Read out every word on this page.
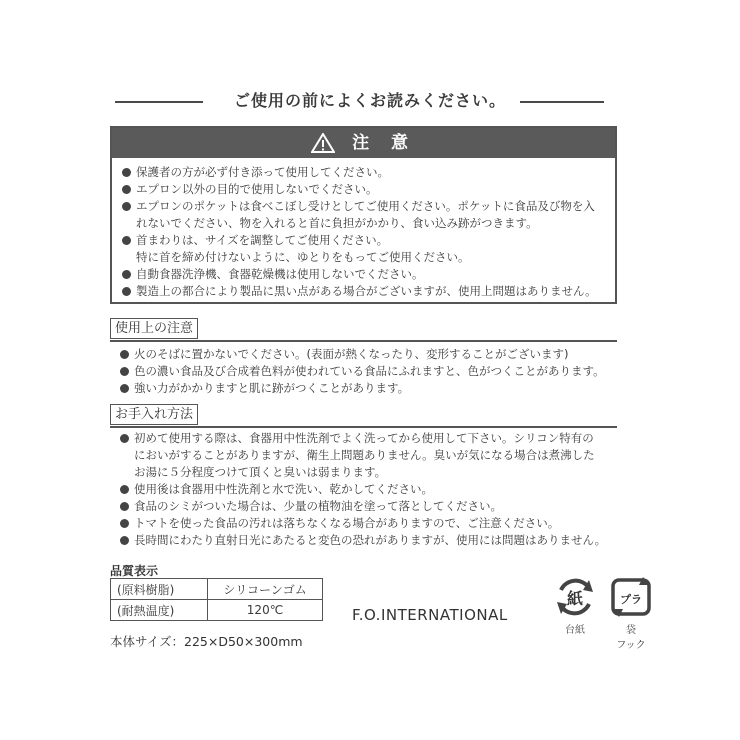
ご使用の前によくお読みください。
注 意
保護者の方が必ず付き添って使用してください。
エプロン以外の目的で使用しないでください。
エプロンのポケットは食べこぼし受けとしてご使用ください。ポケットに食品及び物を入
れないでください、物を入れると首に負担がかかり、食い込み跡がつきます。
首まわりは、サイズを調整してご使用ください。
特に首を締め付けないように、ゆとりをもってご使用ください。
自動食器洗浄機、食器乾燥機は使用しないでください。
製造上の都合により製品に黒い点がある場合がございますが、使用上問題はありません。
使用上の注意
火のそばに置かないでください。(表面が熱くなったり、変形することがございます)
色の濃い食品及び合成着色料が使われている食品にふれますと、色がつくことがあります。
強い力がかかりますと肌に跡がつくことがあります。
お手入れ方法
初めて使用する際は、食器用中性洗剤でよく洗ってから使用して下さい。シリコン特有の
においがすることがありますが、衛生上問題ありません。臭いが気になる場合は煮沸した
お湯に５分程度つけて頂くと臭いは弱まります。
使用後は食器用中性洗剤と水で洗い、乾かしてください。
食品のシミがついた場合は、少量の植物油を塗って落としてください。
トマトを使った食品の汚れは落ちなくなる場合がありますので、ご注意ください。
長時間にわたり直射日光にあたると変色の恐れがありますが、使用には問題はありません。
品質表示
(原料樹脂)	シリコーンゴム
(耐熱温度)	120℃
本体サイズ：225×D50×300mm
F.O.INTERNATIONAL
紙
台紙
プラ
袋
フック
